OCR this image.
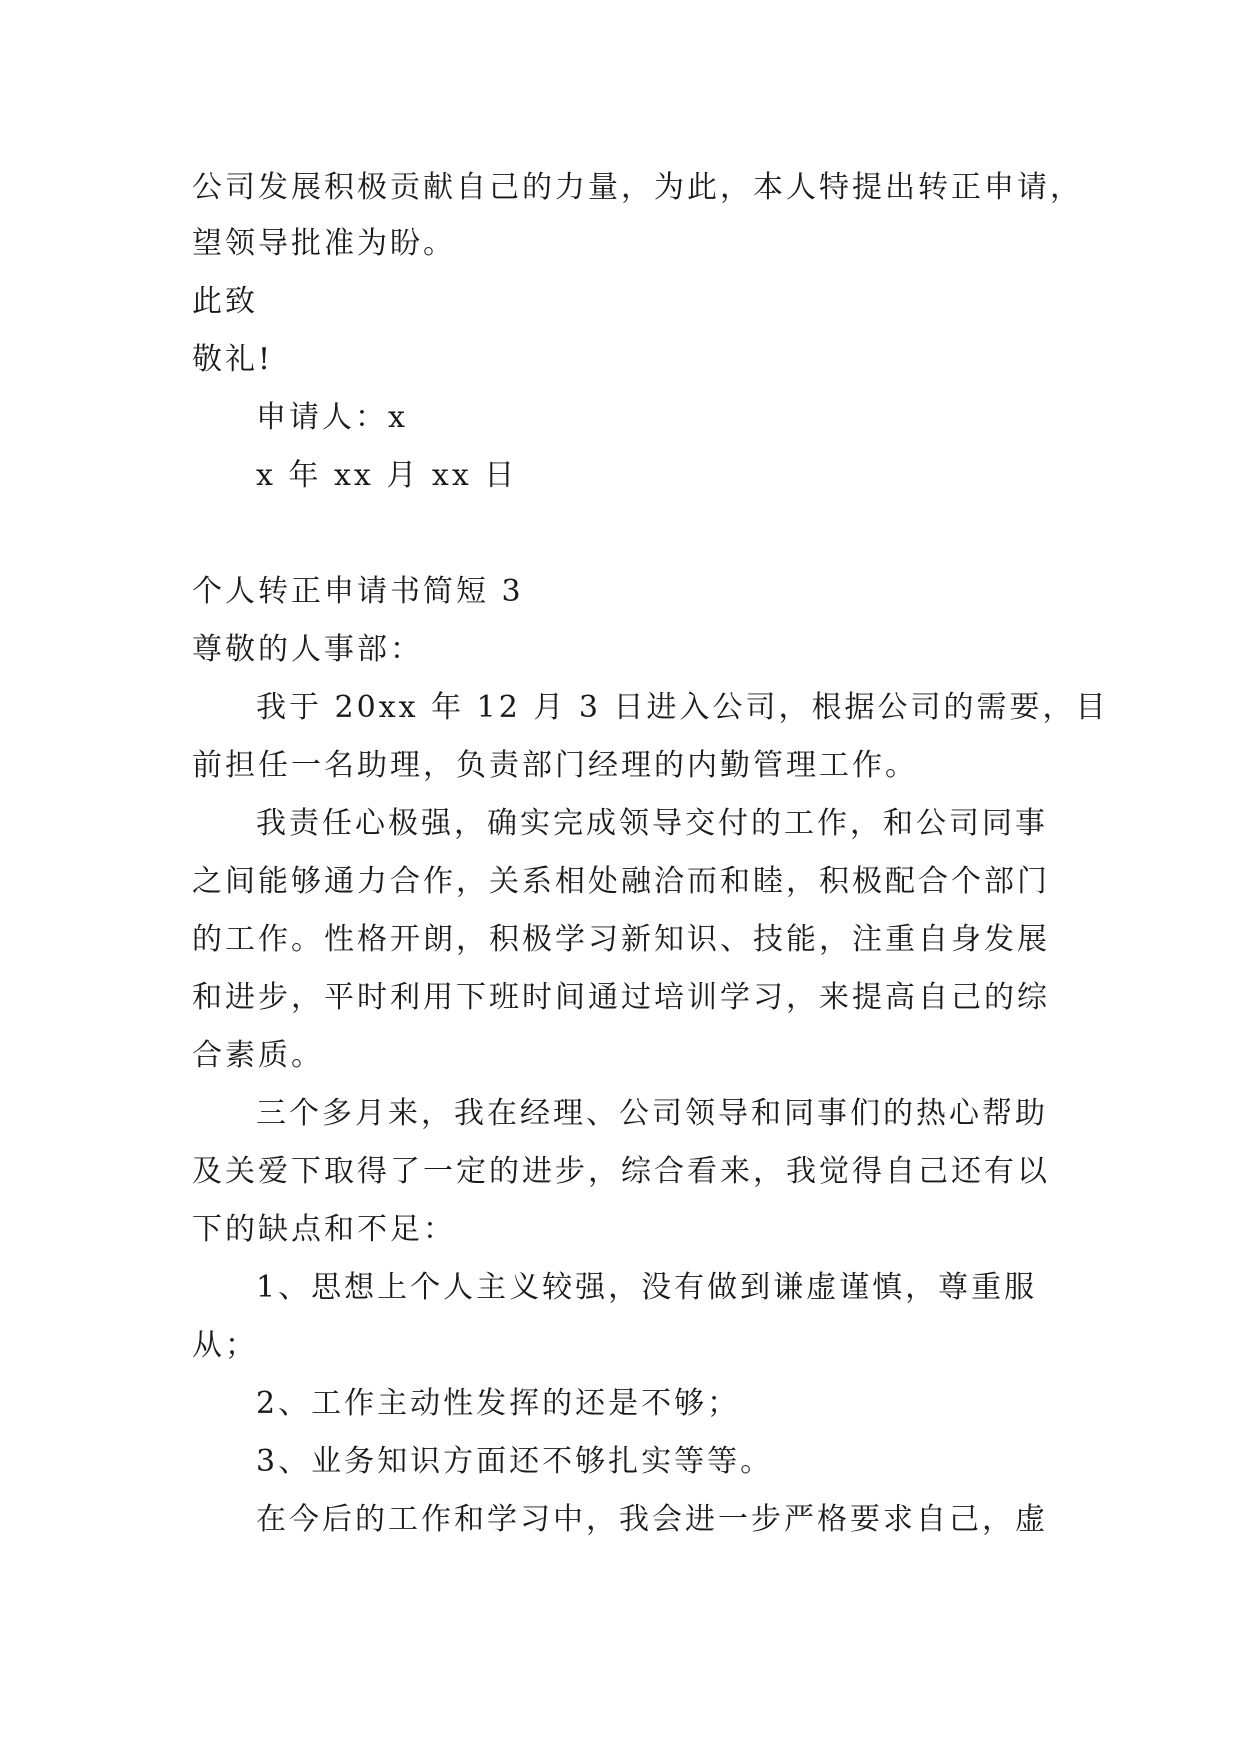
公司发展积极贡献自己的力量，为此，本人特提出转正申请，
望领导批准为盼。
此致
敬礼!
申请人：x
x 年 xx 月 xx 日
个人转正申请书简短 3
尊敬的人事部：
我于 20xx 年 12 月 3 日进入公司，根据公司的需要，目
前担任一名助理，负责部门经理的内勤管理工作。
我责任心极强，确实完成领导交付的工作，和公司同事
之间能够通力合作，关系相处融洽而和睦，积极配合个部门
的工作。性格开朗，积极学习新知识、技能，注重自身发展
和进步，平时利用下班时间通过培训学习，来提高自己的综
合素质。
三个多月来，我在经理、公司领导和同事们的热心帮助
及关爱下取得了一定的进步，综合看来，我觉得自己还有以
下的缺点和不足：
1、思想上个人主义较强，没有做到谦虚谨慎，尊重服
从；
2、工作主动性发挥的还是不够；
3、业务知识方面还不够扎实等等。
在今后的工作和学习中，我会进一步严格要求自己，虚
